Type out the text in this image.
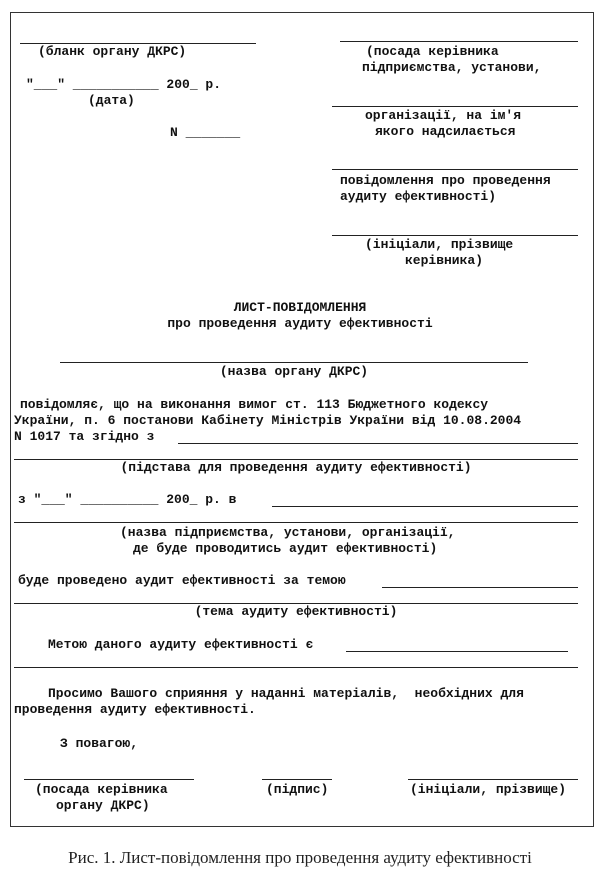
(бланк органу ДКРС)
"___" ___________ 200_ р.
(дата)
N _______
(посада керівника
підприємства, установи,
організації, на ім'я
якого надсилається
повідомлення про проведення
аудиту ефективності)
(ініціали, прізвище
керівника)
ЛИСТ-ПОВІДОМЛЕННЯ
про проведення аудиту ефективності
(назва органу ДКРС)
повідомляє, що на виконання вимог ст. 113 Бюджетного кодексу
України, п. 6 постанови Кабінету Міністрів України від 10.08.2004
N 1017 та згідно з
(підстава для проведення аудиту ефективності)
з "___" __________ 200_ р. в
(назва підприємства, установи, організації,
де буде проводитись аудит ефективності)
буде проведено аудит ефективності за темою
(тема аудиту ефективності)
Метою даного аудиту ефективності є
Просимо Вашого сприяння у наданні матеріалів,  необхідних для
проведення аудиту ефективності.
З повагою,
(посада керівника
органу ДКРС)
(підпис)	(ініціали, прізвище)
Рис. 1. Лист-повідомлення про проведення аудиту ефективності
